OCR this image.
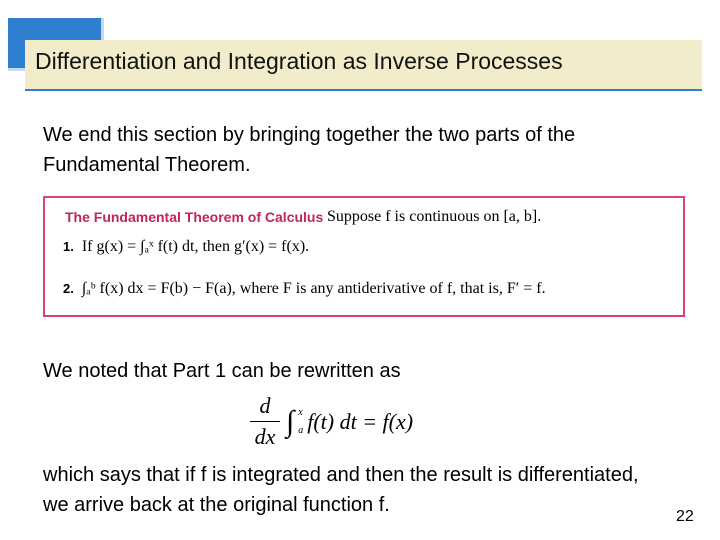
Differentiation and Integration as Inverse Processes
We end this section by bringing together the two parts of the Fundamental Theorem.
The Fundamental Theorem of Calculus Suppose f is continuous on [a, b].
1. If g(x) = ∫ₐˣ f(t) dt, then g′(x) = f(x).
2. ∫ₐᵇ f(x) dx = F(b) − F(a), where F is any antiderivative of f, that is, F′ = f.
We noted that Part 1 can be rewritten as
$\frac{d}{dx}$ ∫ x
a f(t) dt = f(x)
which says that if f is integrated and then the result is differentiated, we arrive back at the original function f.
22
